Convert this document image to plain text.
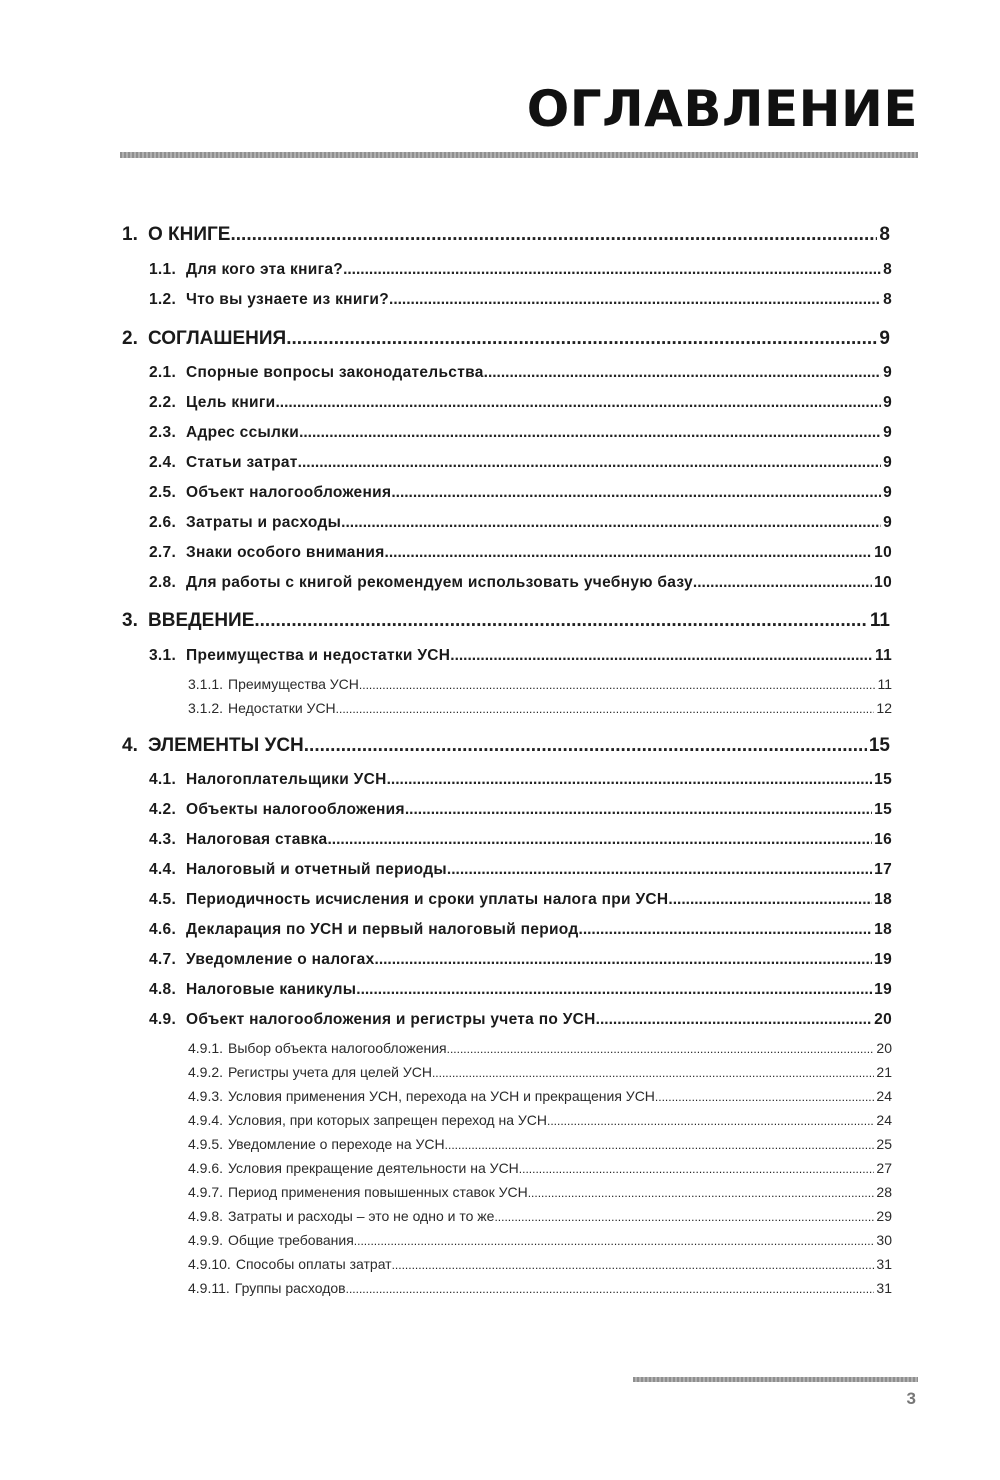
ОГЛАВЛЕНИЕ
1. О КНИГЕ .....	8
1.1. Для кого эта книга? .....	8
1.2. Что вы узнаете из книги? .....	8
2. СОГЛАШЕНИЯ .....	9
2.1. Спорные вопросы законодательства .....	9
2.2. Цель книги .....	9
2.3. Адрес ссылки .....	9
2.4. Статьи затрат .....	9
2.5. Объект налогообложения .....	9
2.6. Затраты и расходы .....	9
2.7. Знаки особого внимания .....	10
2.8. Для работы с книгой рекомендуем использовать учебную базу .....	10
3. ВВЕДЕНИЕ .....	11
3.1. Преимущества и недостатки УСН .....	11
3.1.1. Преимущества УСН .....	11
3.1.2. Недостатки УСН .....	12
4. ЭЛЕМЕНТЫ УСН .....	15
4.1. Налогоплательщики УСН .....	15
4.2. Объекты налогообложения .....	15
4.3. Налоговая ставка .....	16
4.4. Налоговый и отчетный периоды .....	17
4.5. Периодичность исчисления и сроки уплаты налога при УСН .....	18
4.6. Декларация по УСН и первый налоговый период .....	18
4.7. Уведомление о налогах .....	19
4.8. Налоговые каникулы .....	19
4.9. Объект налогообложения и регистры учета по УСН .....	20
4.9.1. Выбор объекта налогообложения .....	20
4.9.2. Регистры учета для целей УСН .....	21
4.9.3. Условия применения УСН, перехода на УСН и прекращения УСН .....	24
4.9.4. Условия, при которых запрещен переход на УСН .....	24
4.9.5. Уведомление о переходе на УСН .....	25
4.9.6. Условия прекращение деятельности на УСН .....	27
4.9.7. Период применения повышенных ставок УСН .....	28
4.9.8. Затраты и расходы – это не одно и то же .....	29
4.9.9. Общие требования .....	30
4.9.10. Способы оплаты затрат .....	31
4.9.11. Группы расходов .....	31
3
